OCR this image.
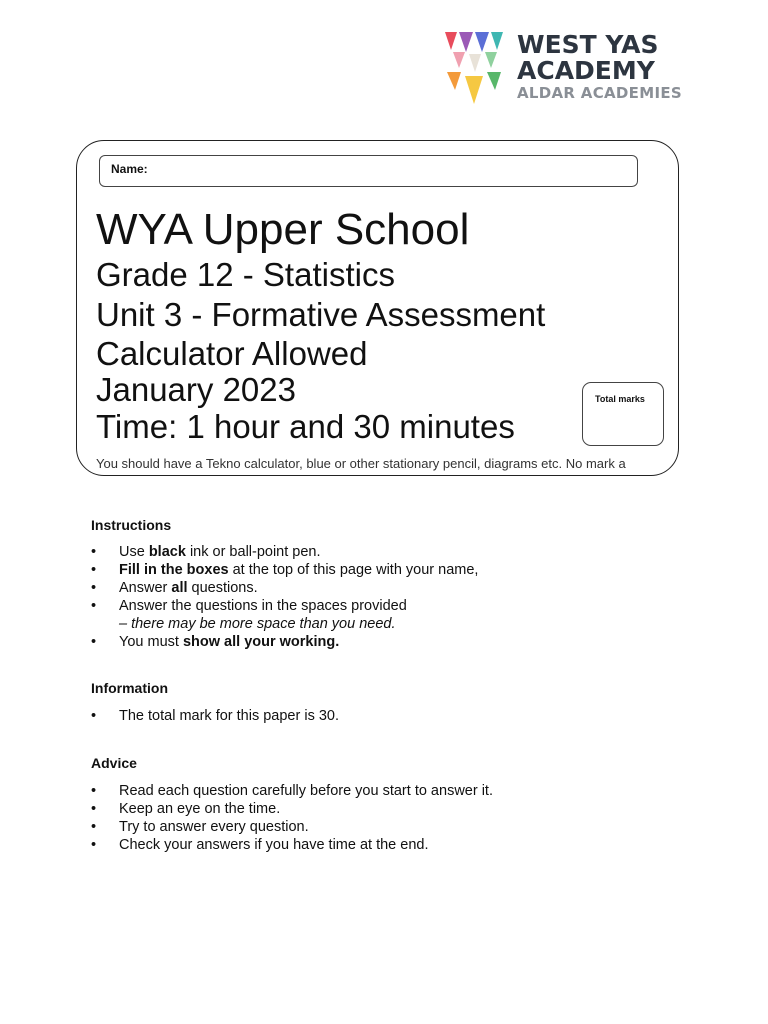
WEST YAS
ACADEMY
ALDAR ACADEMIES
Name:
WYA Upper School
Grade 12 - Statistics
Unit 3 - Formative Assessment
Calculator Allowed
January 2023
Time: 1 hour and 30 minutes
Total marks
You should have a Tekno calculator, blue or other stationary pencil, diagrams etc. No mark a
Instructions
• Use black ink or ball-point pen.
• Fill in the boxes at the top of this page with your name,
• Answer all questions.
• Answer the questions in the spaces provided
– there may be more space than you need.
• You must show all your working.
Information
• The total mark for this paper is 30.
Advice
• Read each question carefully before you start to answer it.
• Keep an eye on the time.
• Try to answer every question.
• Check your answers if you have time at the end.
